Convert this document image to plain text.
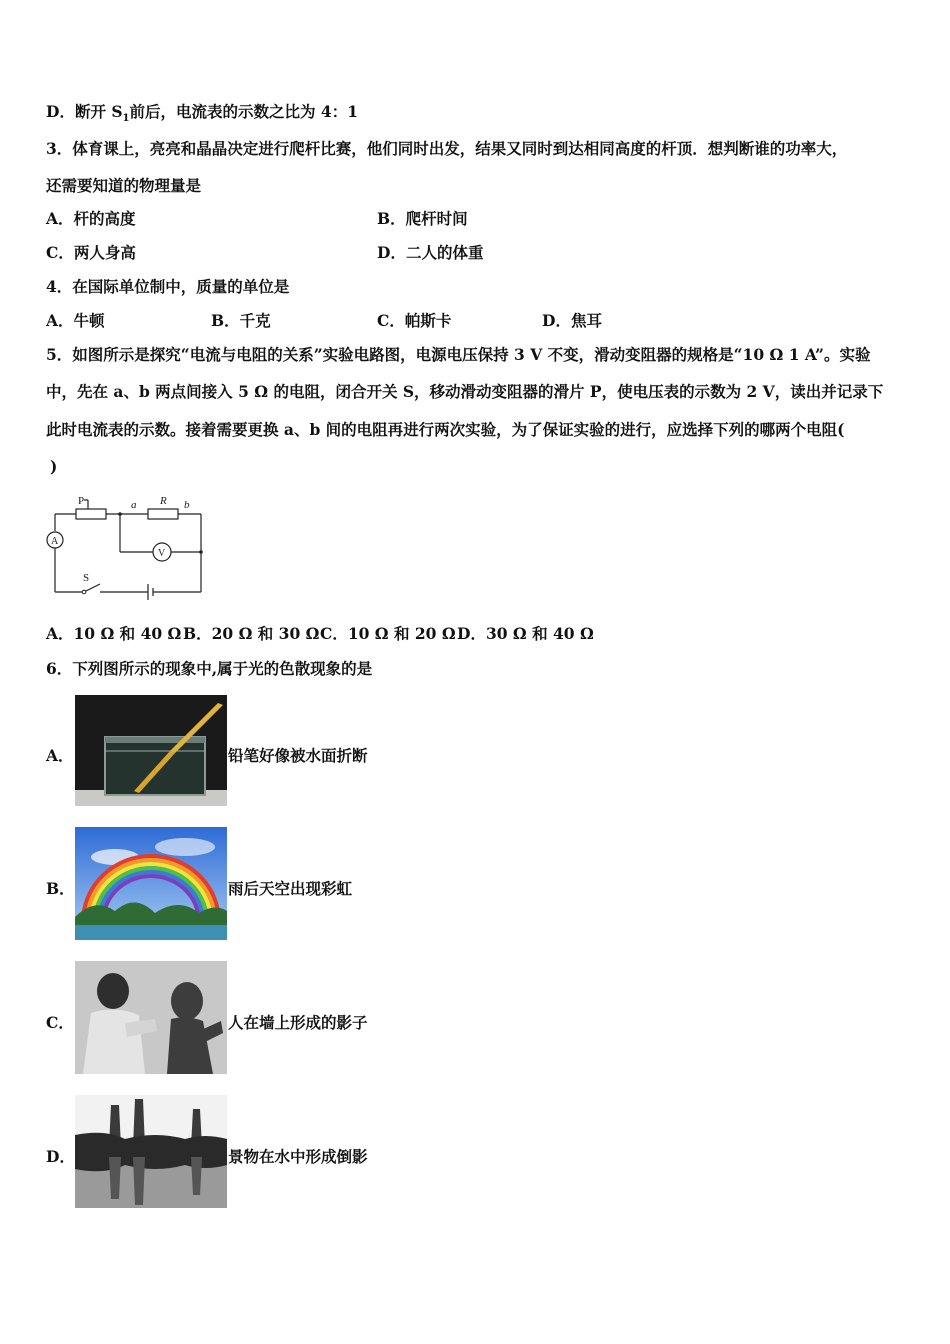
D．断开 $S_1$前后，电流表的示数之比为 4：1
3．体育课上，亮亮和晶晶决定进行爬杆比赛，他们同时出发，结果又同时到达相同高度的杆顶．想判断谁的功率大，
还需要知道的物理量是
A．杆的高度	B．爬杆时间
C．两人身高	D．二人的体重
4．在国际单位制中，质量的单位是
A．牛顿	B．千克	C．帕斯卡	D．焦耳
5．如图所示是探究“电流与电阻的关系”实验电路图，电源电压保持 3 V 不变，滑动变阻器的规格是“10 Ω 1 A”。实验
中，先在 a、b 两点间接入 5 Ω 的电阻，闭合开关 S，移动滑动变阻器的滑片 P，使电压表的示数为 2 V，读出并记录下
此时电流表的示数。接着需要更换 a、b 间的电阻再进行两次实验，为了保证实验的进行，应选择下列的哪两个电阻(
)
P	a R b
A
V
S
A．10 Ω 和 40 Ω B．20 Ω 和 30 Ω C．10 Ω 和 20 Ω D．30 Ω 和 40 Ω
6．下列图所示的现象中,属于光的色散现象的是
A．	铅笔好像被水面折断
B．	雨后天空出现彩虹
C．	人在墙上形成的影子
D．	景物在水中形成倒影
